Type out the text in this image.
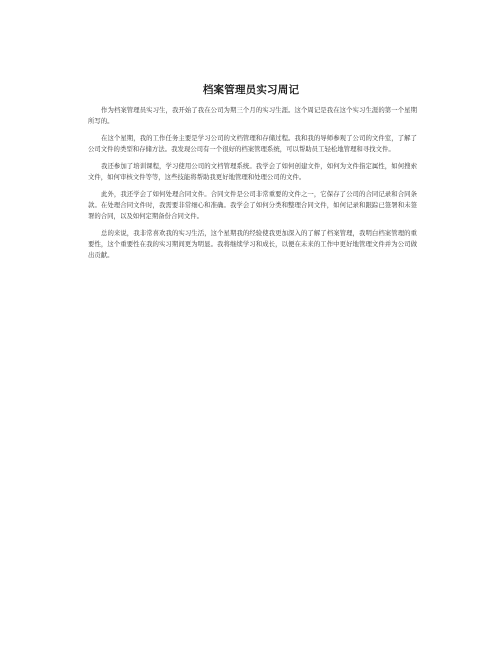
档案管理员实习周记

作为档案管理员实习生，我开始了我在公司为期三个月的实习生涯。这个周记是我在这个实习生涯的第一个星期所写的。

在这个星期，我的工作任务主要是学习公司的文档管理和存储过程。我和我的导师参观了公司的文件室，了解了公司文件的类型和存储方法。我发现公司有一个很好的档案管理系统，可以帮助员工轻松地管理和寻找文件。

我还参加了培训课程，学习使用公司的文档管理系统。我学会了如何创建文件，如何为文件指定属性，如何搜索文件，如何审核文件等等，这些技能将帮助我更好地管理和处理公司的文件。

此外，我还学会了如何处理合同文件。合同文件是公司非常重要的文件之一，它保存了公司的合同记录和合同条款。在处理合同文件时，我需要非常细心和准确。我学会了如何分类和整理合同文件，如何记录和跟踪已签署和未签署的合同，以及如何定期备份合同文件。

总的来说，我非常喜欢我的实习生活，这个星期我的经验使我更加深入的了解了档案管理，我明白档案管理的重要性，这个重要性在我的实习期间更为明显。我将继续学习和成长，以便在未来的工作中更好地管理文件并为公司做出贡献。
